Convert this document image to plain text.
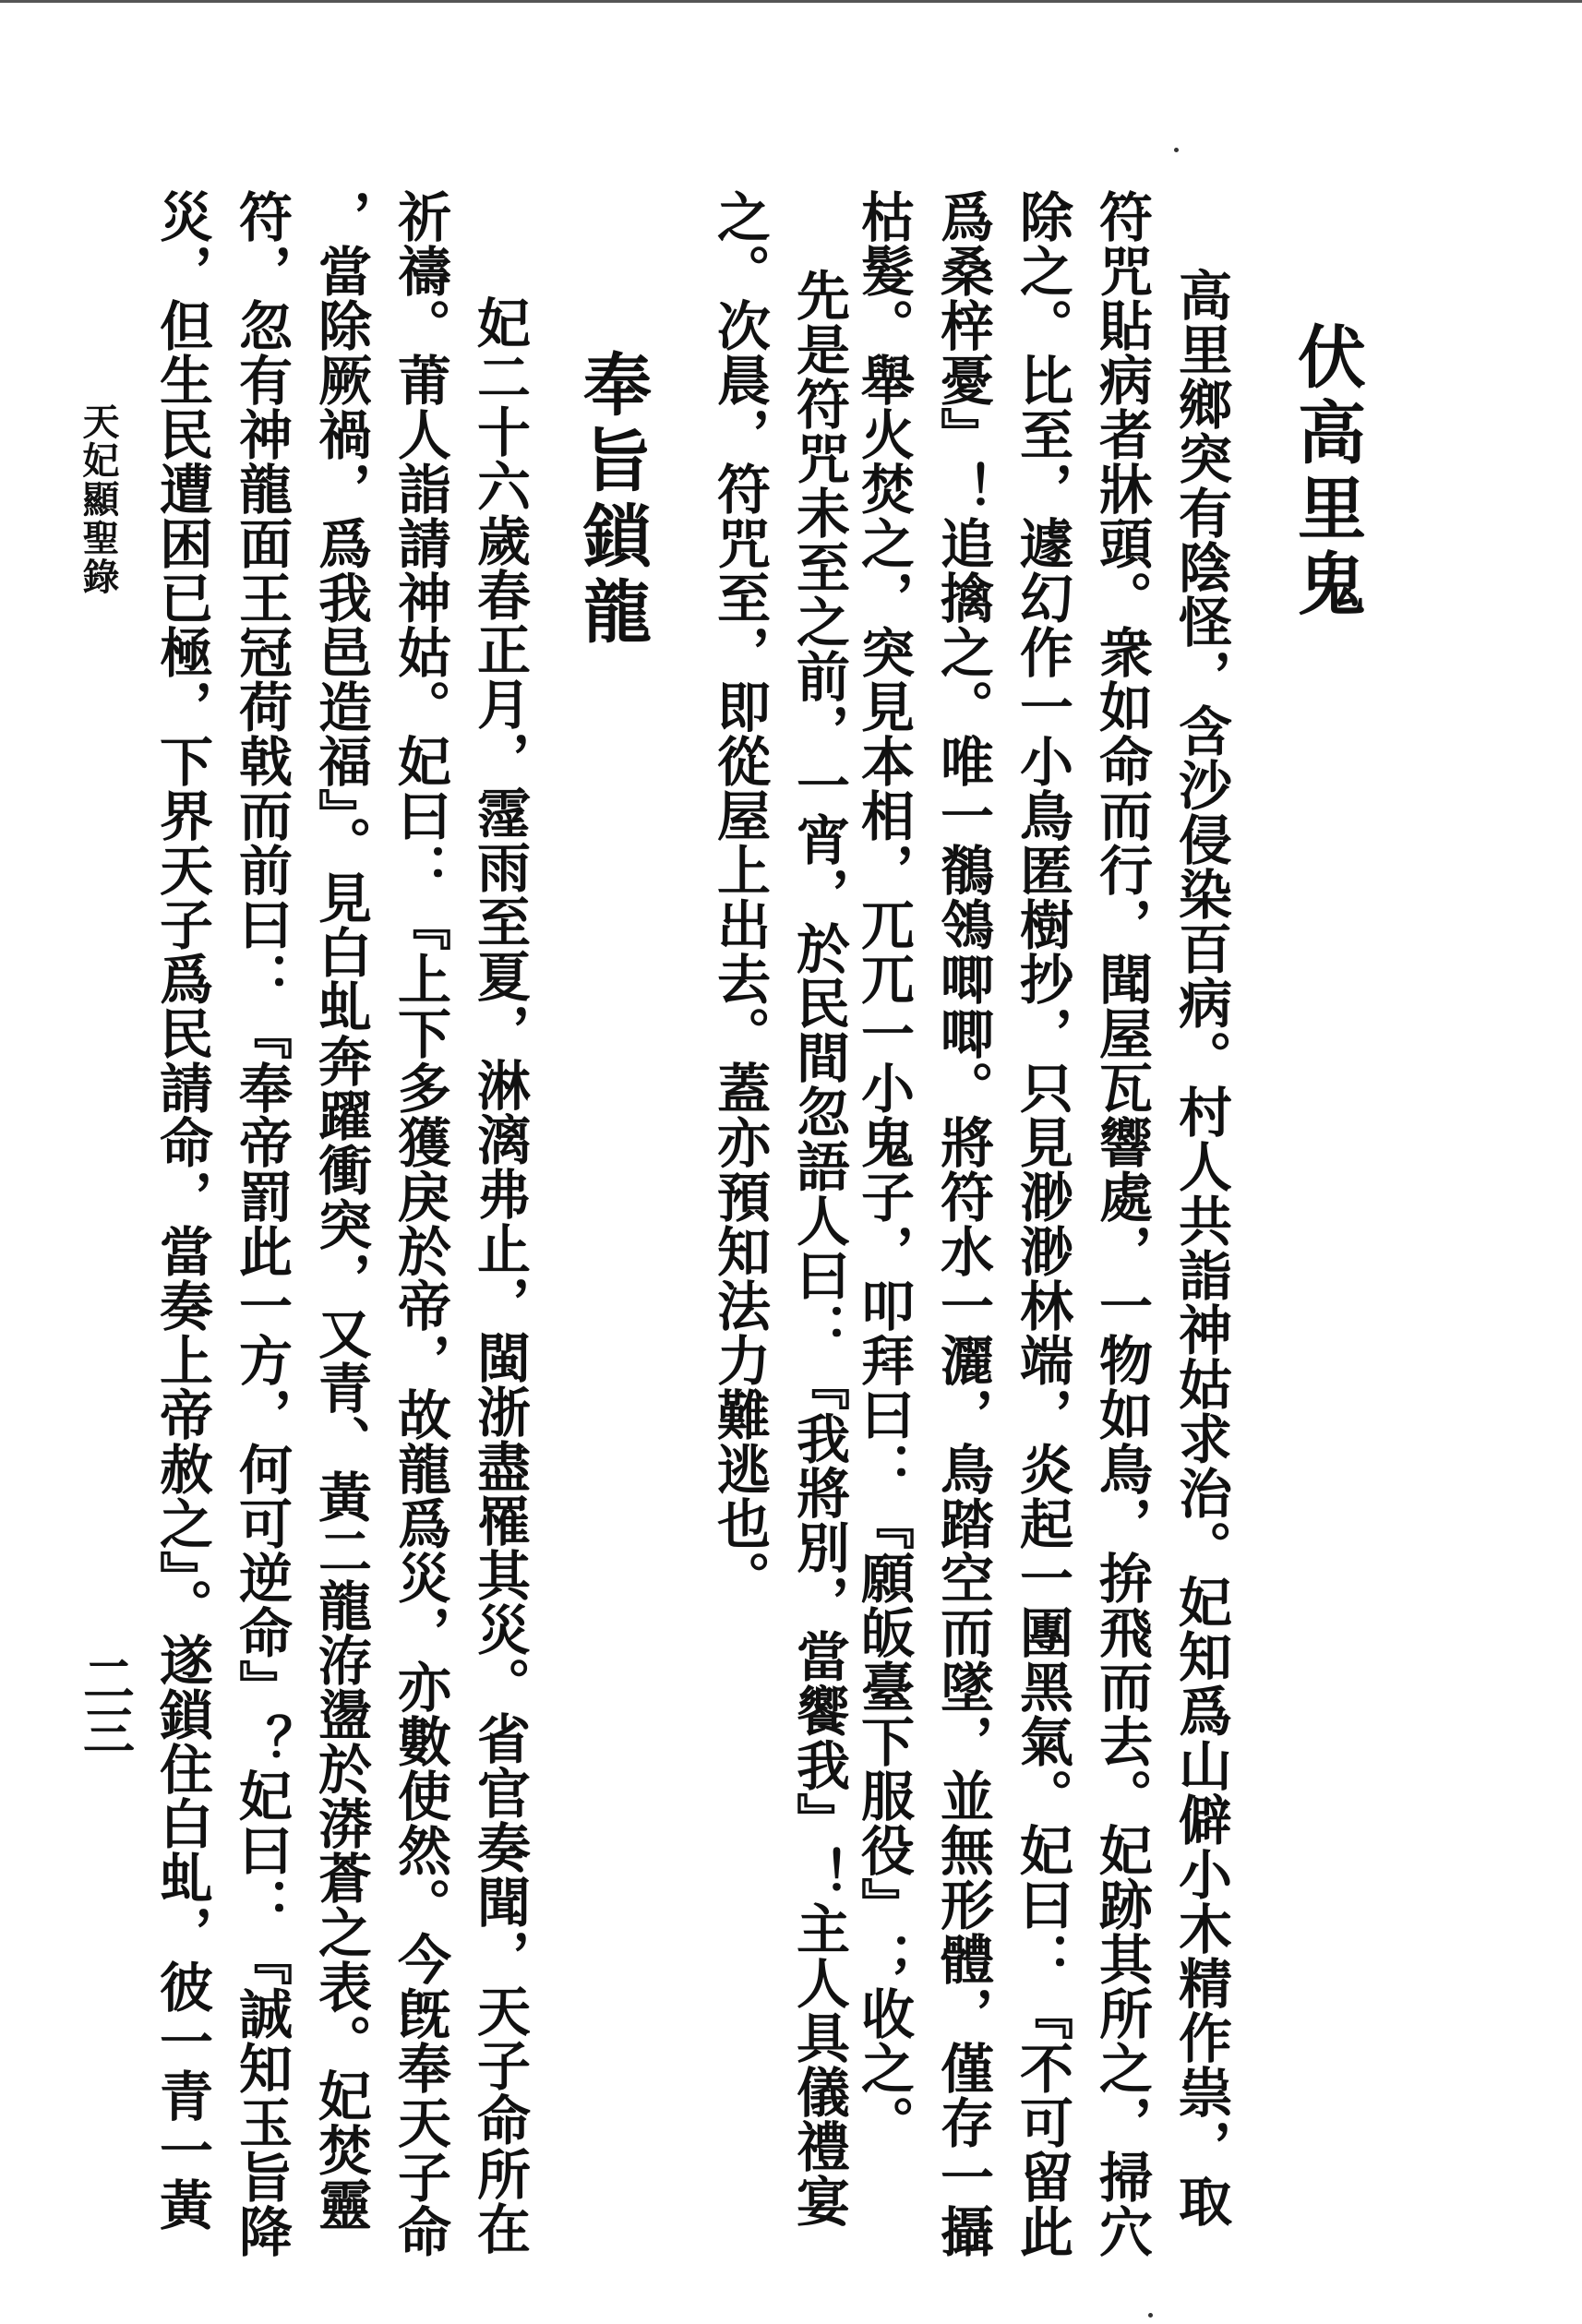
伏高里鬼
高里鄉突有陰怪，含沙侵染百病。村人共詣神姑求治。妃知爲山僻小木精作祟，取
符咒貼病者牀頭。衆如命而行，聞屋瓦響處，一物如鳥，拚飛而去。妃跡其所之，掃穴
除之。比至，遽幻作一小鳥匿樹抄，只見渺渺林端，炎起一團黑氣。妃曰：『不可留此
爲桑梓憂』！追擒之。唯一鶺鴒唧唧。將符水一灑，鳥踏空而墜，並無形體，僅存一攝
枯髮。舉火焚之，突見本相，兀兀一小鬼子，叩拜曰：『願皈臺下服役』；收之。
先是符咒未至之前，一宵，於民間忽語人曰：『我將別，當饗我』！主人具儀禮宴
之。次晨，符咒至，即從屋上出去。蓋亦預知法力難逃也。
奉旨鎖龍
妃二十六歲春正月，霪雨至夏，淋漓弗止，閩浙盡罹其災。省官奏聞，天子命所在
祈禱。莆人詣請神姑。妃曰：『上下多獲戾於帝，故龍爲災，亦數使然。今旣奉天子命
，當除厥禍，爲我邑造福』。見白虬奔躍衝突，又青、黃二龍洊盪於漭蒼之表。妃焚靈
符，忽有神龍面王冠荷戟而前曰：『奉帝罰此一方，何可逆命』？妃曰：『誠知玉旨降
災，但生民遭困已極，下界天子爲民請命，當奏上帝赦之』。遂鎖住白虬，彼一青一黃
天妃顯聖錄
二三
